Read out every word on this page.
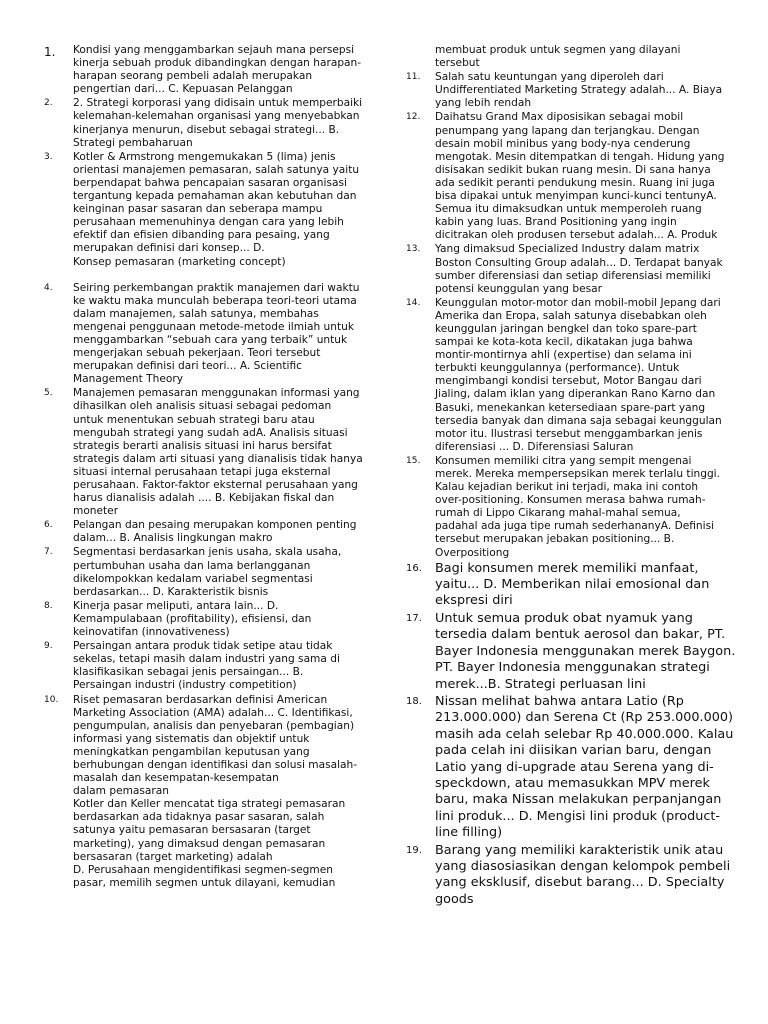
1. Kondisi yang menggambarkan sejauh mana persepsi
kinerja sebuah produk dibandingkan dengan harapan-
harapan seorang pembeli adalah merupakan
pengertian dari... C. Kepuasan Pelanggan
2. 2. Strategi korporasi yang didisain untuk memperbaiki
kelemahan-kelemahan organisasi yang menyebabkan
kinerjanya menurun, disebut sebagai strategi... B.
Strategi pembaharuan
3. Kotler & Armstrong mengemukakan 5 (lima) jenis
orientasi manajemen pemasaran, salah satunya yaitu
berpendapat bahwa pencapaian sasaran organisasi
tergantung kepada pemahaman akan kebutuhan dan
keinginan pasar sasaran dan seberapa mampu
perusahaan memenuhinya dengan cara yang lebih
efektif dan efisien dibanding para pesaing, yang
merupakan definisi dari konsep... D.
Konsep pemasaran (marketing concept)
4. Seiring perkembangan praktik manajemen dari waktu
ke waktu maka munculah beberapa teori-teori utama
dalam manajemen, salah satunya, membahas
mengenai penggunaan metode-metode ilmiah untuk
menggambarkan “sebuah cara yang terbaik” untuk
mengerjakan sebuah pekerjaan. Teori tersebut
merupakan definisi dari teori... A. Scientific
Management Theory
5. Manajemen pemasaran menggunakan informasi yang
dihasilkan oleh analisis situasi sebagai pedoman
untuk menentukan sebuah strategi baru atau
mengubah strategi yang sudah adA. Analisis situasi
strategis berarti analisis situasi ini harus bersifat
strategis dalam arti situasi yang dianalisis tidak hanya
situasi internal perusahaan tetapi juga eksternal
perusahaan. Faktor-faktor eksternal perusahaan yang
harus dianalisis adalah .... B. Kebijakan fiskal dan
moneter
6. Pelangan dan pesaing merupakan komponen penting
dalam... B. Analisis lingkungan makro
7. Segmentasi berdasarkan jenis usaha, skala usaha,
pertumbuhan usaha dan lama berlangganan
dikelompokkan kedalam variabel segmentasi
berdasarkan... D. Karakteristik bisnis
8. Kinerja pasar meliputi, antara lain... D.
Kemampulabaan (profitability), efisiensi, dan
keinovatifan (innovativeness)
9. Persaingan antara produk tidak setipe atau tidak
sekelas, tetapi masih dalam industri yang sama di
klasifikasikan sebagai jenis persaingan... B.
Persaingan industri (industry competition)
10. Riset pemasaran berdasarkan definisi American
Marketing Association (AMA) adalah... C. Identifikasi,
pengumpulan, analisis dan penyebaran (pembagian)
informasi yang sistematis dan objektif untuk
meningkatkan pengambilan keputusan yang
berhubungan dengan identifikasi dan solusi masalah-
masalah dan kesempatan-kesempatan
dalam pemasaran
Kotler dan Keller mencatat tiga strategi pemasaran
berdasarkan ada tidaknya pasar sasaran, salah
satunya yaitu pemasaran bersasaran (target
marketing), yang dimaksud dengan pemasaran
bersasaran (target marketing) adalah
D. Perusahaan mengidentifikasi segmen-segmen
pasar, memilih segmen untuk dilayani, kemudian
membuat produk untuk segmen yang dilayani
tersebut
11. Salah satu keuntungan yang diperoleh dari
Undifferentiated Marketing Strategy adalah... A. Biaya
yang lebih rendah
12. Daihatsu Grand Max diposisikan sebagai mobil
penumpang yang lapang dan terjangkau. Dengan
desain mobil minibus yang body-nya cenderung
mengotak. Mesin ditempatkan di tengah. Hidung yang
disisakan sedikit bukan ruang mesin. Di sana hanya
ada sedikit peranti pendukung mesin. Ruang ini juga
bisa dipakai untuk menyimpan kunci-kunci tentunyA.
Semua itu dimaksudkan untuk memperoleh ruang
kabin yang luas. Brand Positioning yang ingin
dicitrakan oleh produsen tersebut adalah... A. Produk
13. Yang dimaksud Specialized Industry dalam matrix
Boston Consulting Group adalah... D. Terdapat banyak
sumber diferensiasi dan setiap diferensiasi memiliki
potensi keunggulan yang besar
14. Keunggulan motor-motor dan mobil-mobil Jepang dari
Amerika dan Eropa, salah satunya disebabkan oleh
keunggulan jaringan bengkel dan toko spare-part
sampai ke kota-kota kecil, dikatakan juga bahwa
montir-montirnya ahli (expertise) dan selama ini
terbukti keunggulannya (performance). Untuk
mengimbangi kondisi tersebut, Motor Bangau dari
Jialing, dalam iklan yang diperankan Rano Karno dan
Basuki, menekankan ketersediaan spare-part yang
tersedia banyak dan dimana saja sebagai keunggulan
motor itu. Ilustrasi tersebut menggambarkan jenis
diferensiasi ... D. Diferensiasi Saluran
15. Konsumen memiliki citra yang sempit mengenai
merek. Mereka mempersepsikan merek terlalu tinggi.
Kalau kejadian berikut ini terjadi, maka ini contoh
over-positioning. Konsumen merasa bahwa rumah-
rumah di Lippo Cikarang mahal-mahal semua,
padahal ada juga tipe rumah sederhananyA. Definisi
tersebut merupakan jebakan positioning... B.
Overpositiong
16. Bagi konsumen merek memiliki manfaat,
yaitu... D. Memberikan nilai emosional dan
ekspresi diri
17. Untuk semua produk obat nyamuk yang
tersedia dalam bentuk aerosol dan bakar, PT.
Bayer Indonesia menggunakan merek Baygon.
PT. Bayer Indonesia menggunakan strategi
merek...B. Strategi perluasan lini
18. Nissan melihat bahwa antara Latio (Rp
213.000.000) dan Serena Ct (Rp 253.000.000)
masih ada celah selebar Rp 40.000.000. Kalau
pada celah ini diisikan varian baru, dengan
Latio yang di-upgrade atau Serena yang di-
speckdown, atau memasukkan MPV merek
baru, maka Nissan melakukan perpanjangan
lini produk... D. Mengisi lini produk (product-
line filling)
19. Barang yang memiliki karakteristik unik atau
yang diasosiasikan dengan kelompok pembeli
yang eksklusif, disebut barang... D. Specialty
goods
